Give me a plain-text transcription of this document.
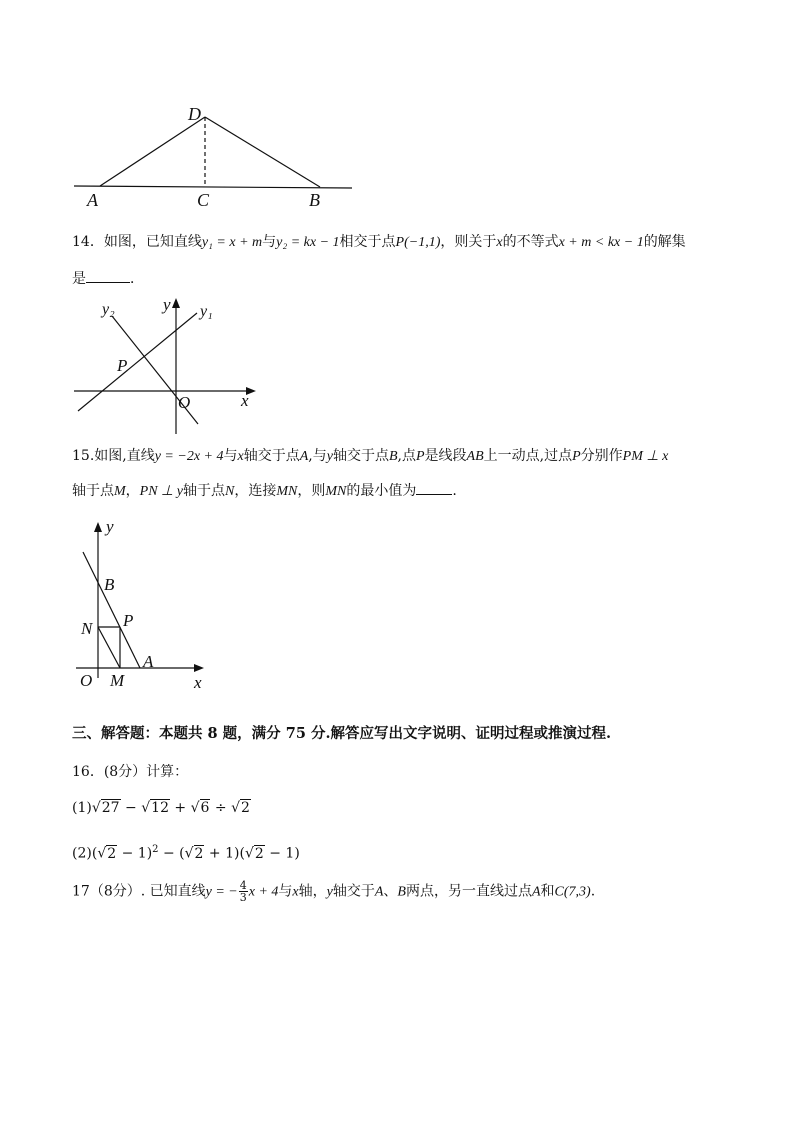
D
A	C	B
14．如图，已知直线y₁ = x + m与y₂ = kx − 1相交于点P(−1,1)，则关于x的不等式x + m < kx − 1的解集
是	．
y₂	y y₁
P
O	x
15.如图,直线y = −2x + 4与x轴交于点A,与y轴交于点B,点P是线段AB上一动点,过点P分别作PM ⊥ x
轴于点M，PN ⊥ y轴于点N，连接MN，则MN的最小值为	.
y
B
N P
A
O M	x
三、解答题：本题共 8 题，满分 75 分.解答应写出文字说明、证明过程或推演过程.
16．(8分）计算：
(1)√27 − √12 + √6 ÷ √2
$(2)(√2 - 1)^2 - (√2 + 1)(√2 - 1)$
17（8分）. 已知直线y = − $\frac{4}{3}$ x + 4与x轴，y轴交于A、B两点，另一直线过点A和C(7,3).
